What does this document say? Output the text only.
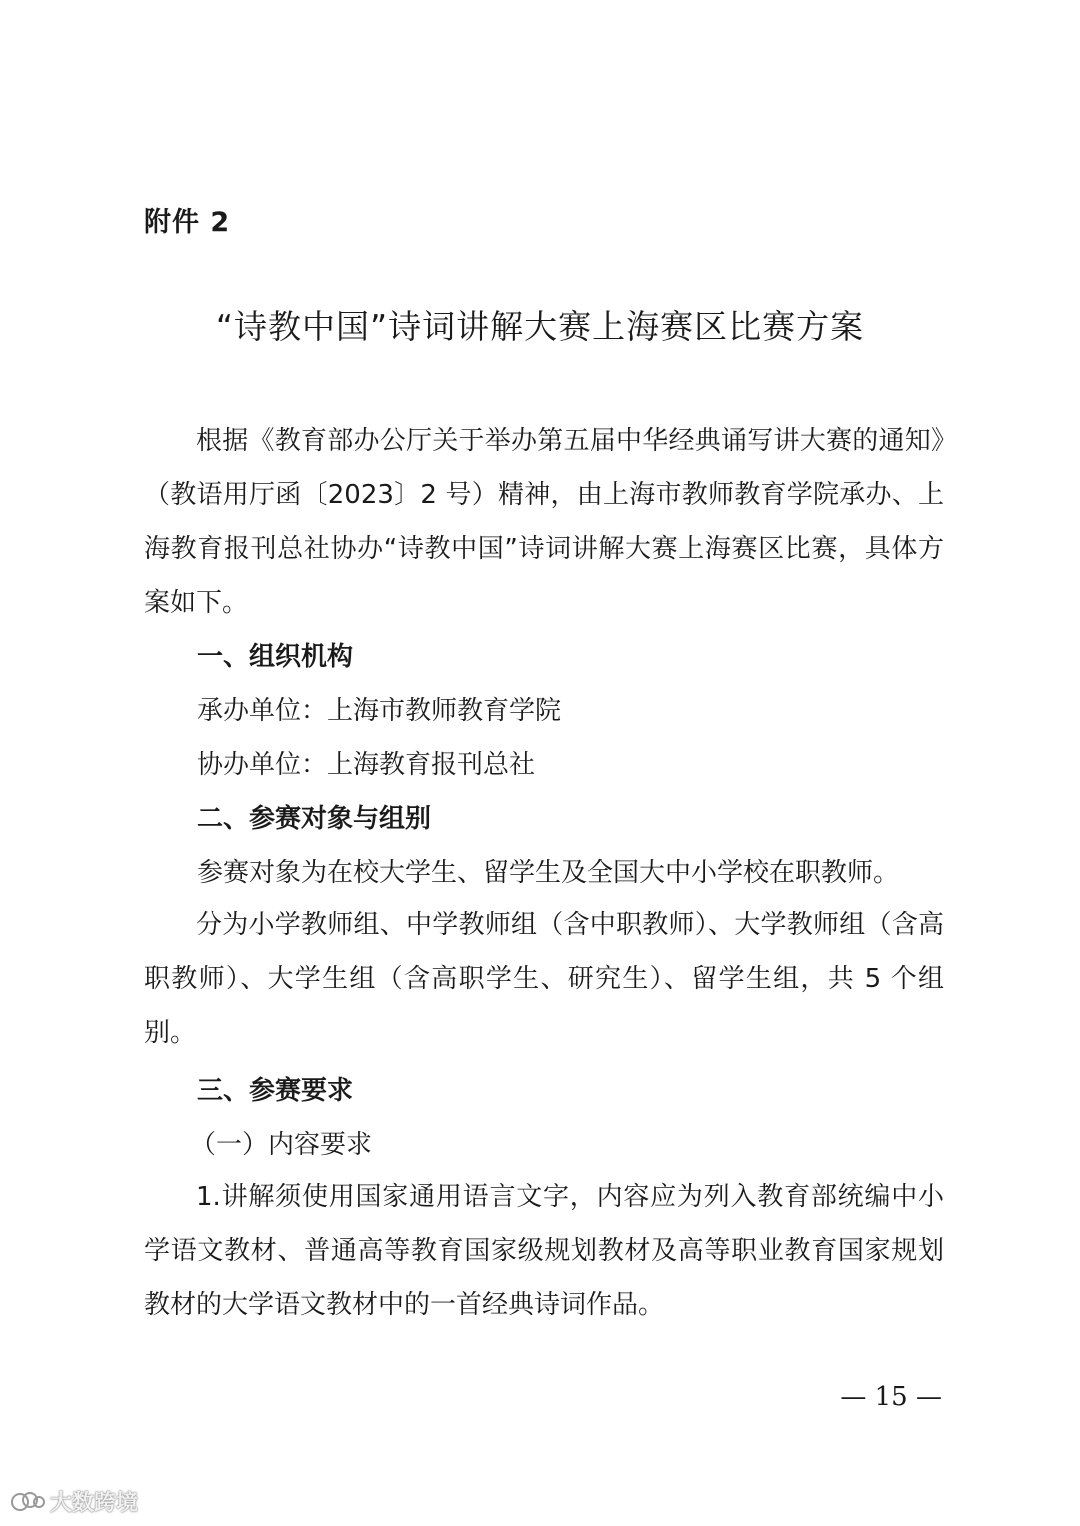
附件 2
“诗教中国”诗词讲解大赛上海赛区比赛方案

根据《教育部办公厅关于举办第五届中华经典诵写讲大赛的通知》（教语用厅函〔2023〕2 号）精神，由上海市教师教育学院承办、上海教育报刊总社协办“诗教中国”诗词讲解大赛上海赛区比赛，具体方案如下。

一、组织机构
承办单位：上海市教师教育学院
协办单位：上海教育报刊总社
二、参赛对象与组别
参赛对象为在校大学生、留学生及全国大中小学校在职教师。

分为小学教师组、中学教师组（含中职教师）、大学教师组（含高职教师）、大学生组（含高职学生、研究生）、留学生组，共 5 个组别。

三、参赛要求
（一）内容要求

1.讲解须使用国家通用语言文字，内容应为列入教育部统编中小学语文教材、普通高等教育国家级规划教材及高等职业教育国家规划教材的大学语文教材中的一首经典诗词作品。

— 15 —
大数跨境
